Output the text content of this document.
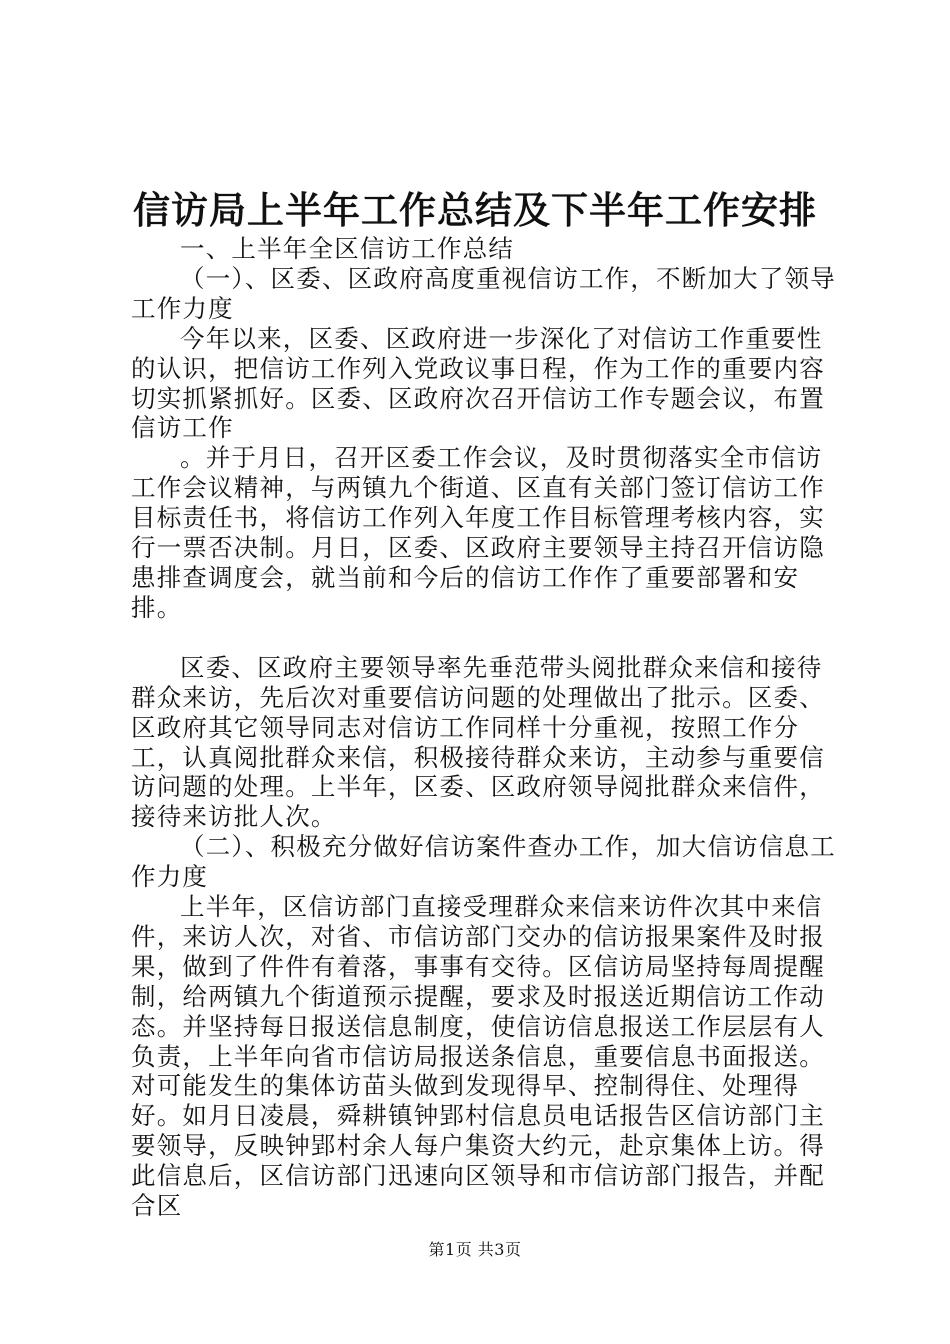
信访局上半年工作总结及下半年工作安排

一、上半年全区信访工作总结

（一）、区委、区政府高度重视信访工作，不断加大了领导工作力度

今年以来，区委、区政府进一步深化了对信访工作重要性的认识，把信访工作列入党政议事日程，作为工作的重要内容切实抓紧抓好。区委、区政府次召开信访工作专题会议，布置信访工作

。并于月日，召开区委工作会议，及时贯彻落实全市信访工作会议精神，与两镇九个街道、区直有关部门签订信访工作目标责任书，将信访工作列入年度工作目标管理考核内容，实行一票否决制。月日，区委、区政府主要领导主持召开信访隐患排查调度会，就当前和今后的信访工作作了重要部署和安排。

区委、区政府主要领导率先垂范带头阅批群众来信和接待群众来访，先后次对重要信访问题的处理做出了批示。区委、区政府其它领导同志对信访工作同样十分重视，按照工作分工，认真阅批群众来信，积极接待群众来访，主动参与重要信访问题的处理。上半年，区委、区政府领导阅批群众来信件，接待来访批人次。

（二）、积极充分做好信访案件查办工作，加大信访信息工作力度

上半年，区信访部门直接受理群众来信来访件次其中来信件，来访人次，对省、市信访部门交办的信访报果案件及时报果，做到了件件有着落，事事有交待。区信访局坚持每周提醒制，给两镇九个街道预示提醒，要求及时报送近期信访工作动态。并坚持每日报送信息制度，使信访信息报送工作层层有人负责，上半年向省市信访局报送条信息，重要信息书面报送。对可能发生的集体访苗头做到发现得早、控制得住、处理得好。如月日凌晨，舜耕镇钟郢村信息员电话报告区信访部门主要领导，反映钟郢村余人每户集资大约元，赴京集体上访。得此信息后，区信访部门迅速向区领导和市信访部门报告，并配合区

第1页 共3页
